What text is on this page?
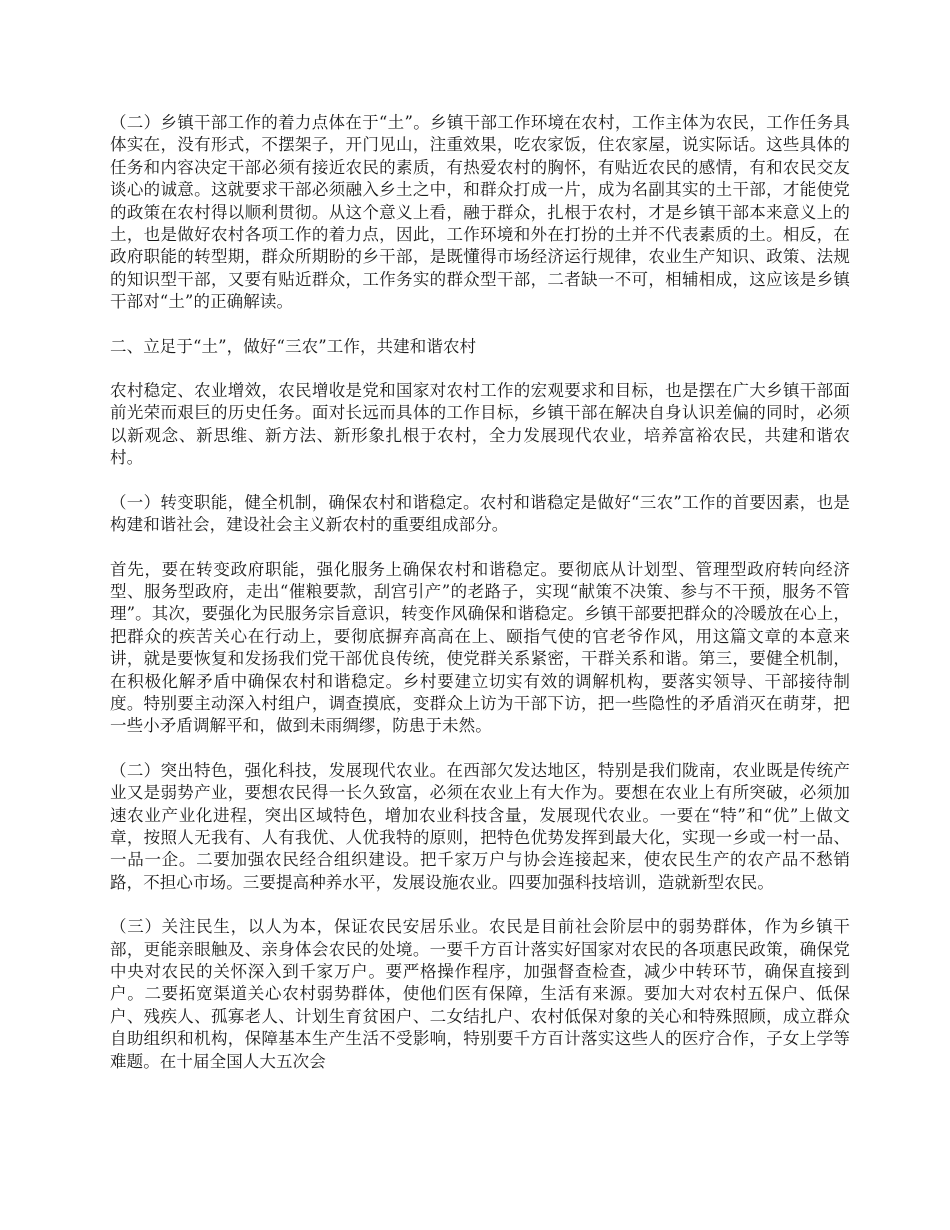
（二）乡镇干部工作的着力点体在于“土”。乡镇干部工作环境在农村，工作主体为农民，工作任务具体实在，没有形式，不摆架子，开门见山，注重效果，吃农家饭，住农家屋，说实际话。这些具体的任务和内容决定干部必须有接近农民的素质，有热爱农村的胸怀，有贴近农民的感情，有和农民交友谈心的诚意。这就要求干部必须融入乡土之中，和群众打成一片，成为名副其实的土干部，才能使党的政策在农村得以顺利贯彻。从这个意义上看，融于群众，扎根于农村，才是乡镇干部本来意义上的土，也是做好农村各项工作的着力点，因此，工作环境和外在打扮的土并不代表素质的土。相反，在政府职能的转型期，群众所期盼的乡干部，是既懂得市场经济运行规律，农业生产知识、政策、法规的知识型干部，又要有贴近群众，工作务实的群众型干部，二者缺一不可，相辅相成，这应该是乡镇干部对“土”的正确解读。

二、立足于“土”，做好“三农”工作，共建和谐农村

农村稳定、农业增效，农民增收是党和国家对农村工作的宏观要求和目标，也是摆在广大乡镇干部面前光荣而艰巨的历史任务。面对长远而具体的工作目标，乡镇干部在解决自身认识差偏的同时，必须以新观念、新思维、新方法、新形象扎根于农村，全力发展现代农业，培养富裕农民，共建和谐农村。

（一）转变职能，健全机制，确保农村和谐稳定。农村和谐稳定是做好“三农”工作的首要因素，也是构建和谐社会，建设社会主义新农村的重要组成部分。

首先，要在转变政府职能，强化服务上确保农村和谐稳定。要彻底从计划型、管理型政府转向经济型、服务型政府，走出“催粮要款，刮宫引产”的老路子，实现“献策不决策、参与不干预，服务不管理”。其次，要强化为民服务宗旨意识，转变作风确保和谐稳定。乡镇干部要把群众的冷暖放在心上，把群众的疾苦关心在行动上，要彻底摒弃高高在上、颐指气使的官老爷作风，用这篇文章的本意来讲，就是要恢复和发扬我们党干部优良传统，使党群关系紧密，干群关系和谐。第三，要健全机制，在积极化解矛盾中确保农村和谐稳定。乡村要建立切实有效的调解机构，要落实领导、干部接待制度。特别要主动深入村组户，调查摸底，变群众上访为干部下访，把一些隐性的矛盾消灭在萌芽，把一些小矛盾调解平和，做到未雨绸缪，防患于未然。

（二）突出特色，强化科技，发展现代农业。在西部欠发达地区，特别是我们陇南，农业既是传统产业又是弱势产业，要想农民得一长久致富，必须在农业上有大作为。要想在农业上有所突破，必须加速农业产业化进程，突出区域特色，增加农业科技含量，发展现代农业。一要在“特”和“优”上做文章，按照人无我有、人有我优、人优我特的原则，把特色优势发挥到最大化，实现一乡或一村一品、一品一企。二要加强农民经合组织建设。把千家万户与协会连接起来，使农民生产的农产品不愁销路，不担心市场。三要提高种养水平，发展设施农业。四要加强科技培训，造就新型农民。

（三）关注民生，以人为本，保证农民安居乐业。农民是目前社会阶层中的弱势群体，作为乡镇干部，更能亲眼触及、亲身体会农民的处境。一要千方百计落实好国家对农民的各项惠民政策，确保党中央对农民的关怀深入到千家万户。要严格操作程序，加强督查检查，减少中转环节，确保直接到户。二要拓宽渠道关心农村弱势群体，使他们医有保障，生活有来源。要加大对农村五保户、低保户、残疾人、孤寡老人、计划生育贫困户、二女结扎户、农村低保对象的关心和特殊照顾，成立群众自助组织和机构，保障基本生产生活不受影响，特别要千方百计落实这些人的医疗合作，子女上学等难题。在十届全国人大五次会
